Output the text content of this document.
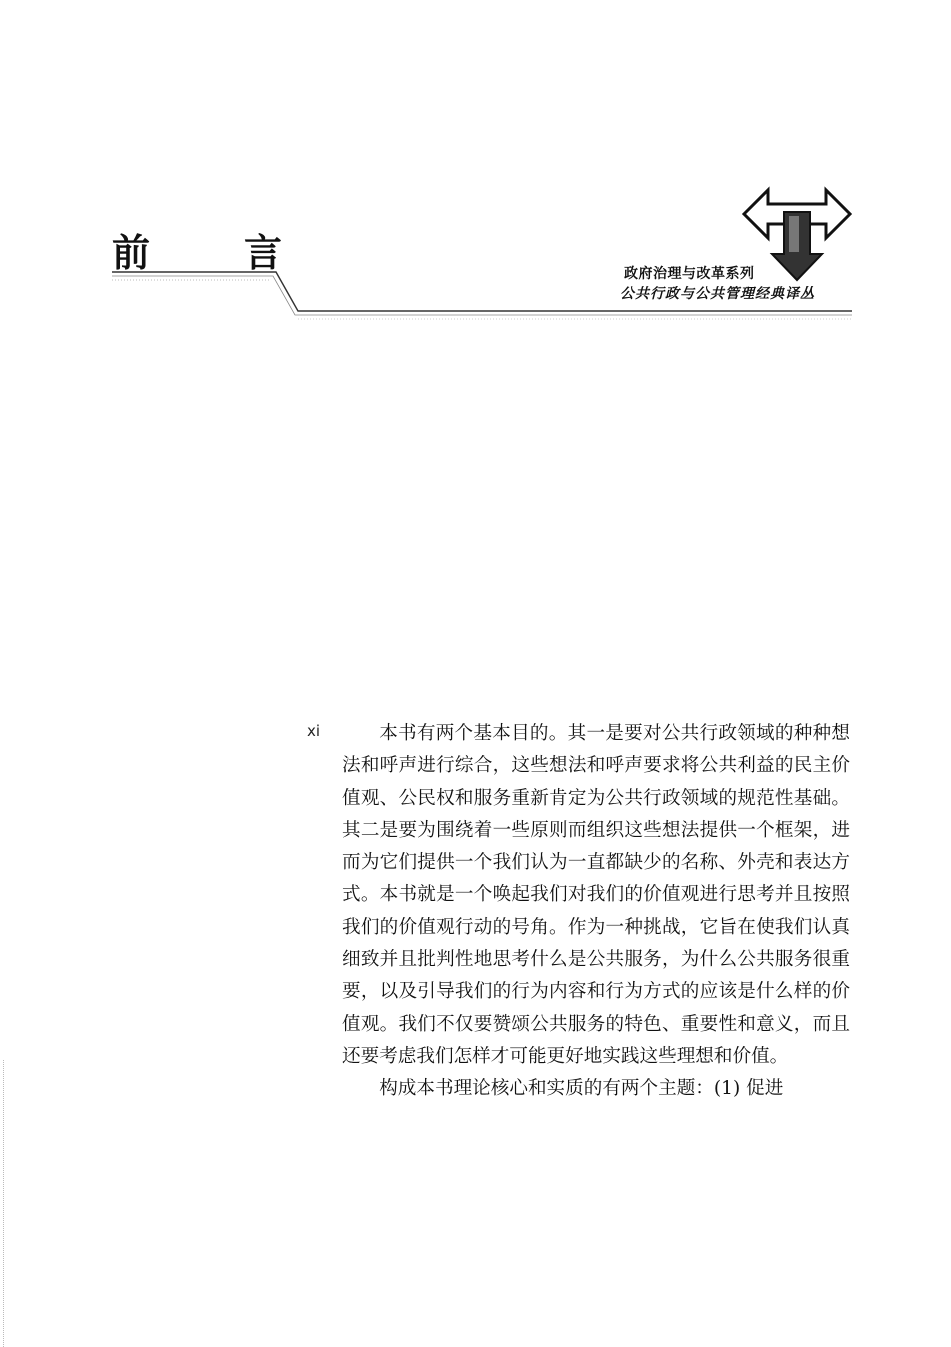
前 言	政府治理与改革系列
公共行政与公共管理经典译丛
xi	本书有两个基本目的。其一是要对公共行政领域的种种想法和呼声进行综合，这些想法和呼声要求将公共利益的民主价值观、公民权和服务重新肯定为公共行政领域的规范性基础。其二是要为围绕着一些原则而组织这些想法提供一个框架，进而为它们提供一个我们认为一直都缺少的名称、外壳和表达方式。本书就是一个唤起我们对我们的价值观进行思考并且按照我们的价值观行动的号角。作为一种挑战，它旨在使我们认真细致并且批判性地思考什么是公共服务，为什么公共服务很重要，以及引导我们的行为内容和行为方式的应该是什么样的价值观。我们不仅要赞颂公共服务的特色、重要性和意义，而且还要考虑我们怎样才可能更好地实践这些理想和价值。

构成本书理论核心和实质的有两个主题：(1) 促进
